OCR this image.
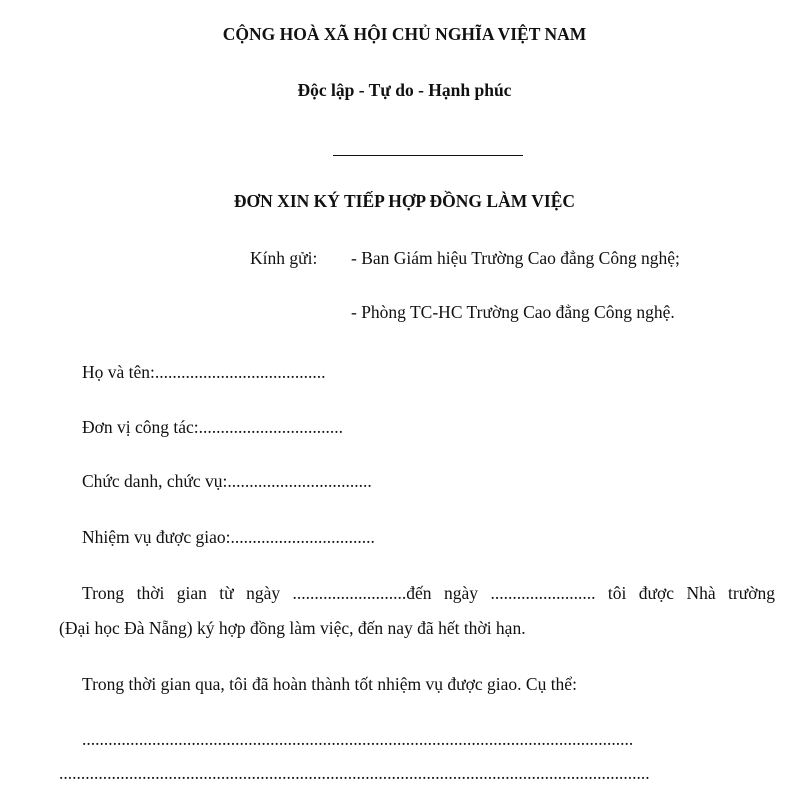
CỘNG HOÀ XÃ HỘI CHỦ NGHĨA VIỆT NAM
Độc lập - Tự do - Hạnh phúc
ĐƠN XIN KÝ TIẾP HỢP ĐỒNG LÀM VIỆC
Kính gửi: - Ban Giám hiệu Trường Cao đẳng Công nghệ;
- Phòng TC-HC Trường Cao đẳng Công nghệ.
Họ và tên:.......................................
Đơn vị công tác:.................................
Chức danh, chức vụ:.................................
Nhiệm vụ được giao:.................................
Trong thời gian từ ngày ..........................đến ngày ........................ tôi được Nhà trường
(Đại học Đà Nẵng) ký hợp đồng làm việc, đến nay đã hết thời hạn.
Trong thời gian qua, tôi đã hoàn thành tốt nhiệm vụ được giao. Cụ thể:
..............................................................................................................................
.......................................................................................................................................
